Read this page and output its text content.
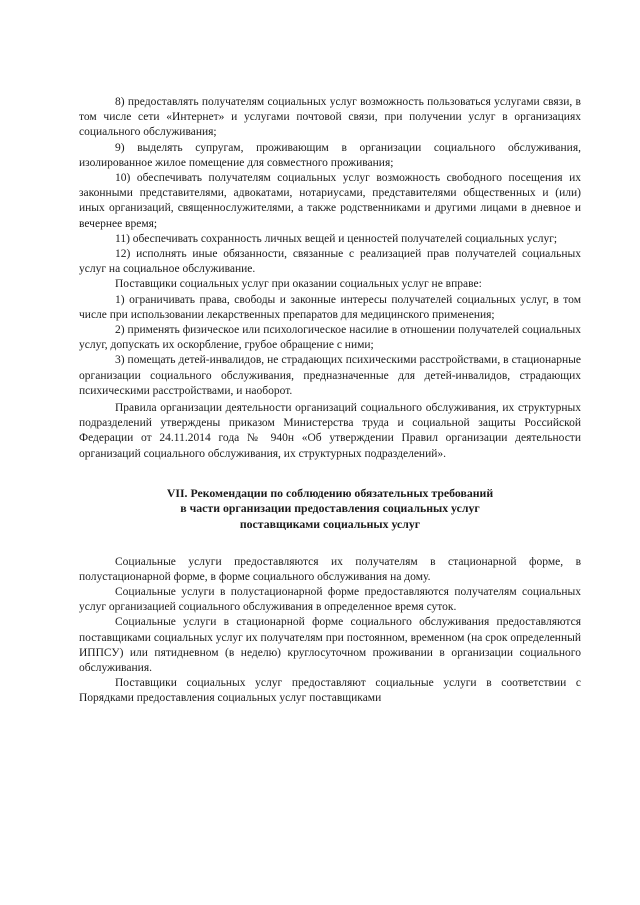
8) предоставлять получателям социальных услуг возможность пользоваться услугами связи, в том числе сети «Интернет» и услугами почтовой связи, при получении услуг в организациях социального обслуживания;

9) выделять супругам, проживающим в организации социального обслуживания, изолированное жилое помещение для совместного проживания;

10) обеспечивать получателям социальных услуг возможность свободного посещения их законными представителями, адвокатами, нотариусами, представителями общественных и (или) иных организаций, священнослужителями, а также родственниками и другими лицами в дневное и вечернее время;

11) обеспечивать сохранность личных вещей и ценностей получателей социальных услуг;

12) исполнять иные обязанности, связанные с реализацией прав получателей социальных услуг на социальное обслуживание.

Поставщики социальных услуг при оказании социальных услуг не вправе:

1) ограничивать права, свободы и законные интересы получателей социальных услуг, в том числе при использовании лекарственных препаратов для медицинского применения;

2) применять физическое или психологическое насилие в отношении получателей социальных услуг, допускать их оскорбление, грубое обращение с ними;

3) помещать детей-инвалидов, не страдающих психическими расстройствами, в стационарные организации социального обслуживания, предназначенные для детей-инвалидов, страдающих психическими расстройствами, и наоборот.

Правила организации деятельности организаций социального обслуживания, их структурных подразделений утверждены приказом Министерства труда и социальной защиты Российской Федерации от 24.11.2014 года № 940н «Об утверждении Правил организации деятельности организаций социального обслуживания, их структурных подразделений».

VII. Рекомендации по соблюдению обязательных требований
в части организации предоставления социальных услуг
поставщиками социальных услуг

Социальные услуги предоставляются их получателям в стационарной форме, в полустационарной форме, в форме социального обслуживания на дому.

Социальные услуги в полустационарной форме предоставляются получателям социальных услуг организацией социального обслуживания в определенное время суток.

Социальные услуги в стационарной форме социального обслуживания предоставляются поставщиками социальных услуг их получателям при постоянном, временном (на срок определенный ИППСУ) или пятидневном (в неделю) круглосуточном проживании в организации социального обслуживания.

Поставщики социальных услуг предоставляют социальные услуги в соответствии с Порядками предоставления социальных услуг поставщиками
